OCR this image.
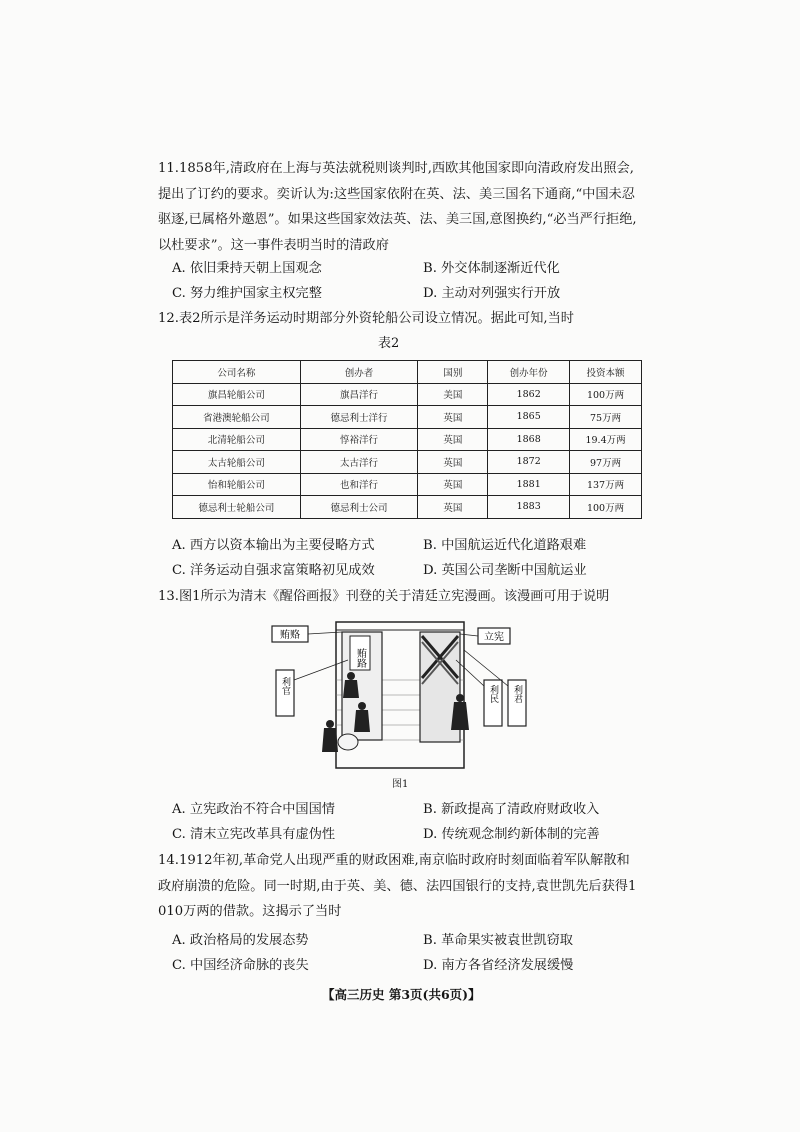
11.1858年,清政府在上海与英法就税则谈判时,西欧其他国家即向清政府发出照会,提出了订约的要求。奕䜣认为:这些国家依附在英、法、美三国名下通商,“中国未忍驱逐,已属格外邀恩”。如果这些国家效法英、法、美三国,意图换约,“必当严行拒绝,以杜要求”。这一事件表明当时的清政府
A. 依旧秉持天朝上国观念	B. 外交体制逐渐近代化
C. 努力维护国家主权完整	D. 主动对列强实行开放
12.表2所示是洋务运动时期部分外资轮船公司设立情况。据此可知,当时
表2
公司名称	创办者	国别	创办年份	投资本额
旗昌轮船公司	旗昌洋行	美国	1862	100万两
省港澳轮船公司	德忌利士洋行	英国	1865	75万两
北清轮船公司	惇裕洋行	英国	1868	19.4万两
太古轮船公司	太古洋行	英国	1872	97万两
怡和轮船公司	也和洋行	英国	1881	137万两
德忌利士轮船公司	德忌利士公司	英国	1883	100万两
A. 西方以资本输出为主要侵略方式	B. 中国航运近代化道路艰难
C. 洋务运动自强求富策略初见成效	D. 英国公司垄断中国航运业
13.图1所示为清末《醒俗画报》刊登的关于清廷立宪漫画。该漫画可用于说明
贿路
贿赂	立宪
利官	利民 利君
图1
A. 立宪政治不符合中国国情	B. 新政提高了清政府财政收入
C. 清末立宪改革具有虚伪性	D. 传统观念制约新体制的完善
14.1912年初,革命党人出现严重的财政困难,南京临时政府时刻面临着军队解散和政府崩溃的危险。同一时期,由于英、美、德、法四国银行的支持,袁世凯先后获得1 010万两的借款。这揭示了当时
A. 政治格局的发展态势	B. 革命果实被袁世凯窃取
C. 中国经济命脉的丧失	D. 南方各省经济发展缓慢
【高三历史 第3页(共6页)】
